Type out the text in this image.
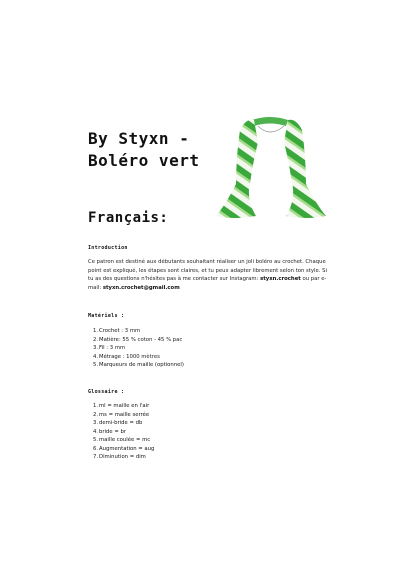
By Styxn -
Boléro vert
Français:
Introduction

Ce patron est destiné aux débutants souhaitant réaliser un joli boléro au crochet. Chaque point est expliqué, les étapes sont claires, et tu peux adapter librement selon ton style. Si tu as des questions n'hésites pas à me contacter sur Instagram: styxn.crochet ou par e-mail: styxn.crochet@gmail.com

Matériels :
1.Crochet : 3 mm
2.Matière: 55 % coton - 45 % pac
3.Fil : 3 mm
4.Métrage : 1000 mètres
5.Marqueurs de maille (optionnel)
Glossaire :
1.ml = maille en l'air
2.ms = maille serrée
3.demi-bride = db
4.bride = br
5.maille coulée = mc
6.Augmentation = aug
7.Diminution = dim
